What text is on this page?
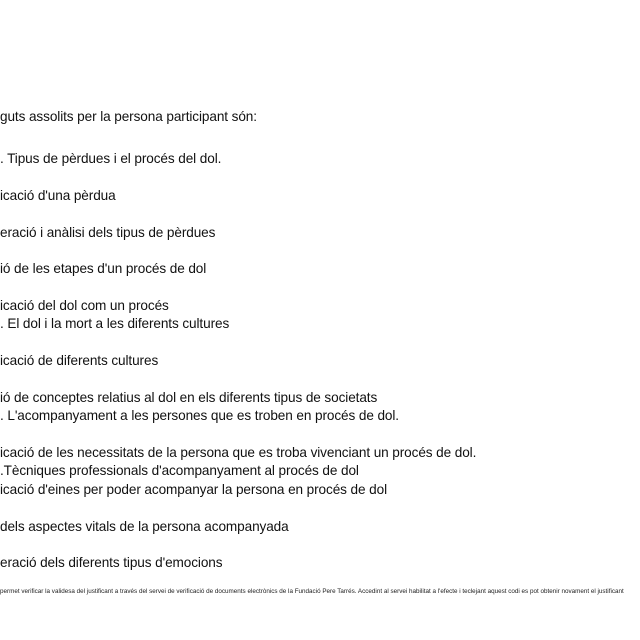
guts assolits per la persona participant són:
. Tipus de pèrdues i el procés del dol.
icació d'una pèrdua
eració i anàlisi dels tipus de pèrdues
ió de les etapes d'un procés de dol
icació del dol com un procés
. El dol i la mort a les diferents cultures
icació de diferents cultures
ió de conceptes relatius al dol en els diferents tipus de societats
. L'acompanyament a les persones que es troben en procés de dol.
icació de les necessitats de la persona que es troba vivenciant un procés de dol.
.Tècniques professionals d'acompanyament al procés de dol
icació d'eines per poder acompanyar la persona en procés de dol
dels aspectes vitals de la persona acompanyada
eració dels diferents tipus d'emocions
permet verificar la validesa del justificant a través del servei de verificació de documents electrònics de la Fundació Pere Tarrés. Accedint al servei habilitat a l'efecte i teclejant aquest codi es pot obtenir novament el justificant
